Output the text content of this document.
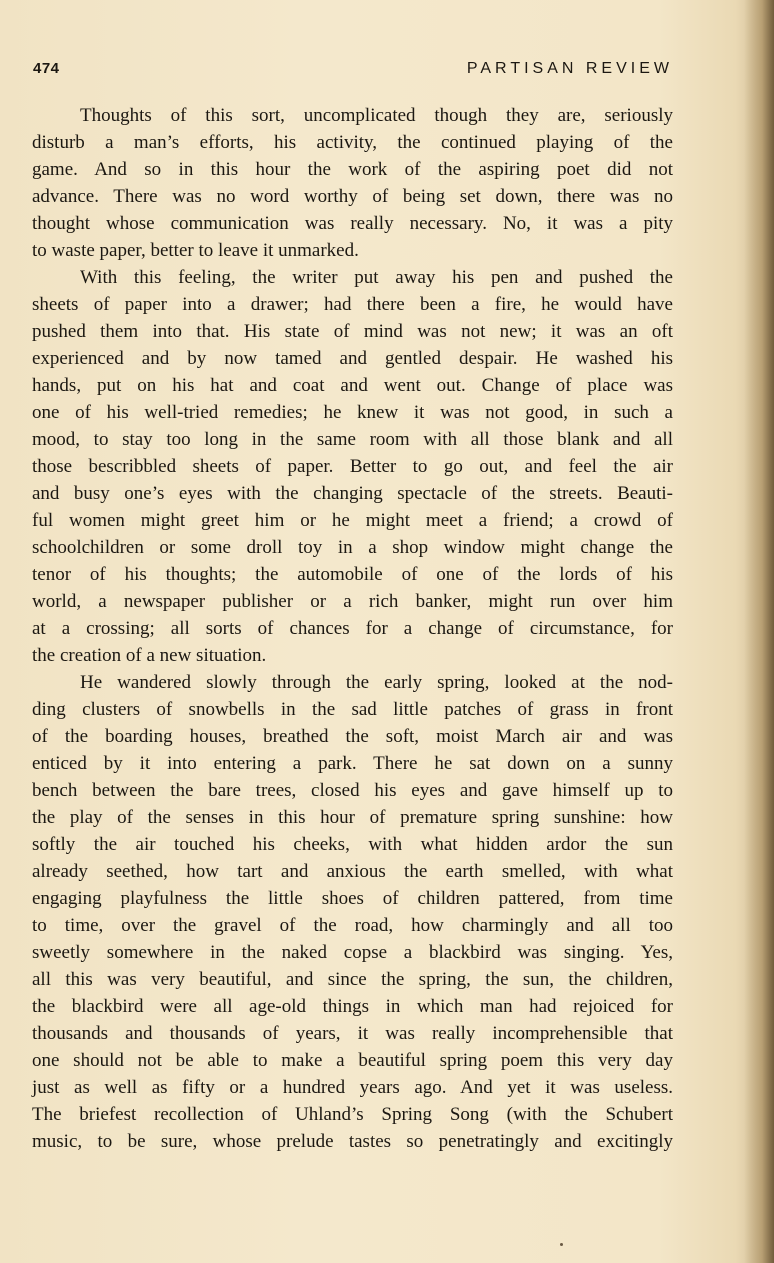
474	PARTISAN REVIEW

Thoughts of this sort, uncomplicated though they are, seriously
disturb a man’s efforts, his activity, the continued playing of the
game. And so in this hour the work of the aspiring poet did not
advance. There was no word worthy of being set down, there was no
thought whose communication was really necessary. No, it was a pity
to waste paper, better to leave it unmarked.

With this feeling, the writer put away his pen and pushed the
sheets of paper into a drawer; had there been a fire, he would have
pushed them into that. His state of mind was not new; it was an oft
experienced and by now tamed and gentled despair. He washed his
hands, put on his hat and coat and went out. Change of place was
one of his well-tried remedies; he knew it was not good, in such a
mood, to stay too long in the same room with all those blank and all
those bescribbled sheets of paper. Better to go out, and feel the air
and busy one’s eyes with the changing spectacle of the streets. Beauti-
ful women might greet him or he might meet a friend; a crowd of
schoolchildren or some droll toy in a shop window might change the
tenor of his thoughts; the automobile of one of the lords of his
world, a newspaper publisher or a rich banker, might run over him
at a crossing; all sorts of chances for a change of circumstance, for
the creation of a new situation.

He wandered slowly through the early spring, looked at the nod-
ding clusters of snowbells in the sad little patches of grass in front
of the boarding houses, breathed the soft, moist March air and was
enticed by it into entering a park. There he sat down on a sunny
bench between the bare trees, closed his eyes and gave himself up to
the play of the senses in this hour of premature spring sunshine: how
softly the air touched his cheeks, with what hidden ardor the sun
already seethed, how tart and anxious the earth smelled, with what
engaging playfulness the little shoes of children pattered, from time
to time, over the gravel of the road, how charmingly and all too
sweetly somewhere in the naked copse a blackbird was singing. Yes,
all this was very beautiful, and since the spring, the sun, the children,
the blackbird were all age-old things in which man had rejoiced for
thousands and thousands of years, it was really incomprehensible that
one should not be able to make a beautiful spring poem this very day
just as well as fifty or a hundred years ago. And yet it was useless.
The briefest recollection of Uhland’s Spring Song (with the Schubert
music, to be sure, whose prelude tastes so penetratingly and excitingly
